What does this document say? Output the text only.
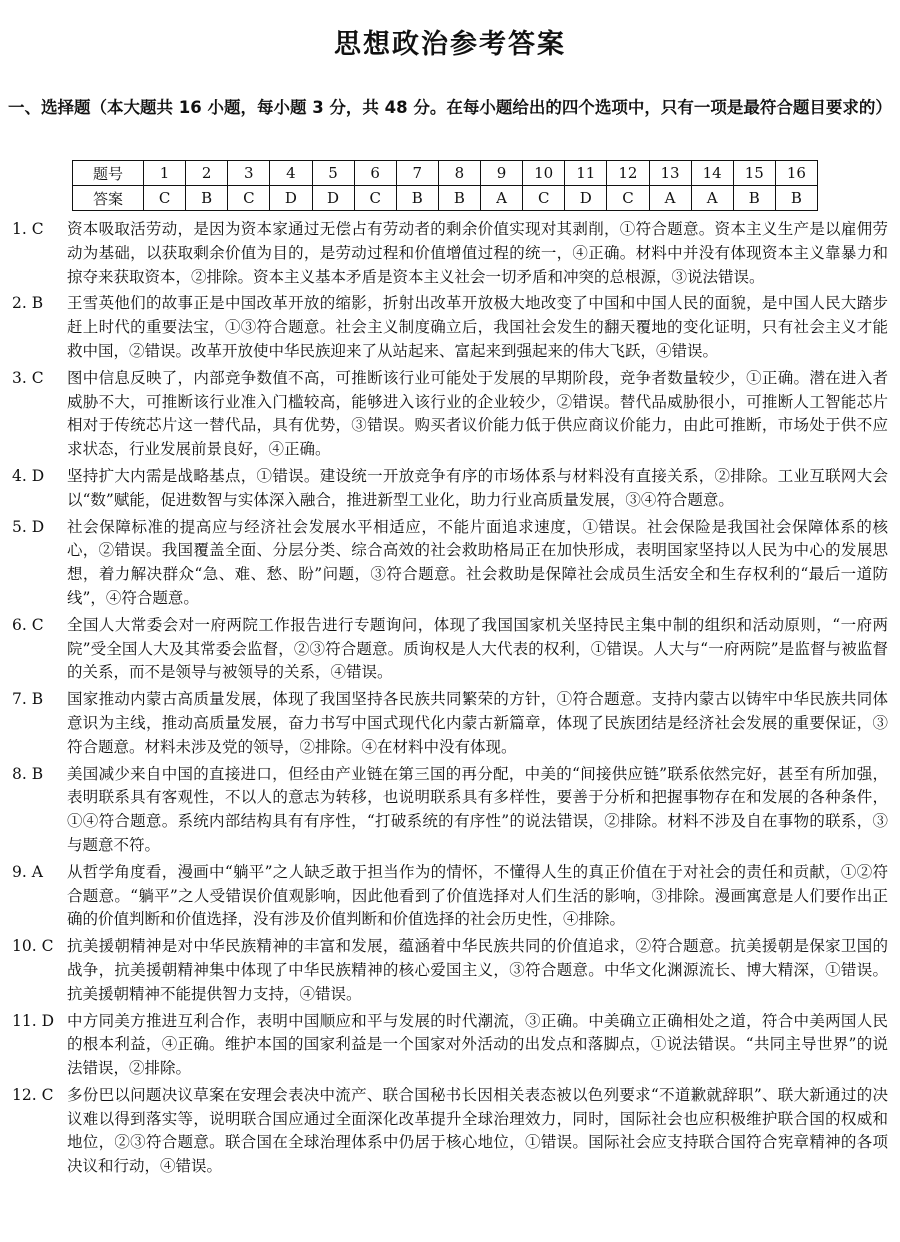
思想政治参考答案

一、选择题（本大题共 16 小题，每小题 3 分，共 48 分。在每小题给出的四个选项中，只有一项是最符合题目要求的）

题号	1	2	3	4	5	6	7	8	9	10	11	12	13	14	15	16
答案	C	B	C	D	D	C	B	B	A	C	D	C	A	A	B	B
1. C	资本吸取活劳动，是因为资本家通过无偿占有劳动者的剩余价值实现对其剥削，①符合题意。资本主义生产是以雇佣劳动为基础，以获取剩余价值为目的，是劳动过程和价值增值过程的统一，④正确。材料中并没有体现资本主义靠暴力和掠夺来获取资本，②排除。资本主义基本矛盾是资本主义社会一切矛盾和冲突的总根源，③说法错误。
2. B	王雪英他们的故事正是中国改革开放的缩影，折射出改革开放极大地改变了中国和中国人民的面貌，是中国人民大踏步赶上时代的重要法宝，①③符合题意。社会主义制度确立后，我国社会发生的翻天覆地的变化证明，只有社会主义才能救中国，②错误。改革开放使中华民族迎来了从站起来、富起来到强起来的伟大飞跃，④错误。
3. C	图中信息反映了，内部竞争数值不高，可推断该行业可能处于发展的早期阶段，竞争者数量较少，①正确。潜在进入者威胁不大，可推断该行业准入门槛较高，能够进入该行业的企业较少，②错误。替代品威胁很小，可推断人工智能芯片相对于传统芯片这一替代品，具有优势，③错误。购买者议价能力低于供应商议价能力，由此可推断，市场处于供不应求状态，行业发展前景良好，④正确。
4. D	坚持扩大内需是战略基点，①错误。建设统一开放竞争有序的市场体系与材料没有直接关系，②排除。工业互联网大会以“数”赋能，促进数智与实体深入融合，推进新型工业化，助力行业高质量发展，③④符合题意。
5. D	社会保障标准的提高应与经济社会发展水平相适应，不能片面追求速度，①错误。社会保险是我国社会保障体系的核心，②错误。我国覆盖全面、分层分类、综合高效的社会救助格局正在加快形成，表明国家坚持以人民为中心的发展思想，着力解决群众“急、难、愁、盼”问题，③符合题意。社会救助是保障社会成员生活安全和生存权利的“最后一道防线”，④符合题意。
6. C	全国人大常委会对一府两院工作报告进行专题询问，体现了我国国家机关坚持民主集中制的组织和活动原则，“一府两院”受全国人大及其常委会监督，②③符合题意。质询权是人大代表的权利，①错误。人大与“一府两院”是监督与被监督的关系，而不是领导与被领导的关系，④错误。
7. B	国家推动内蒙古高质量发展，体现了我国坚持各民族共同繁荣的方针，①符合题意。支持内蒙古以铸牢中华民族共同体意识为主线，推动高质量发展，奋力书写中国式现代化内蒙古新篇章，体现了民族团结是经济社会发展的重要保证，③符合题意。材料未涉及党的领导，②排除。④在材料中没有体现。
8. B	美国减少来自中国的直接进口，但经由产业链在第三国的再分配，中美的“间接供应链”联系依然完好，甚至有所加强，表明联系具有客观性，不以人的意志为转移，也说明联系具有多样性，要善于分析和把握事物存在和发展的各种条件，①④符合题意。系统内部结构具有有序性，“打破系统的有序性”的说法错误，②排除。材料不涉及自在事物的联系，③与题意不符。
9. A	从哲学角度看，漫画中“躺平”之人缺乏敢于担当作为的情怀，不懂得人生的真正价值在于对社会的责任和贡献，①②符合题意。“躺平”之人受错误价值观影响，因此他看到了价值选择对人们生活的影响，③排除。漫画寓意是人们要作出正确的价值判断和价值选择，没有涉及价值判断和价值选择的社会历史性，④排除。
10. C 抗美援朝精神是对中华民族精神的丰富和发展，蕴涵着中华民族共同的价值追求，②符合题意。抗美援朝是保家卫国的战争，抗美援朝精神集中体现了中华民族精神的核心爱国主义，③符合题意。中华文化渊源流长、博大精深，①错误。抗美援朝精神不能提供智力支持，④错误。
11. D 中方同美方推进互利合作，表明中国顺应和平与发展的时代潮流，③正确。中美确立正确相处之道，符合中美两国人民的根本利益，④正确。维护本国的国家利益是一个国家对外活动的出发点和落脚点，①说法错误。“共同主导世界”的说法错误，②排除。
12. C 多份巴以问题决议草案在安理会表决中流产、联合国秘书长因相关表态被以色列要求“不道歉就辞职”、联大新通过的决议难以得到落实等，说明联合国应通过全面深化改革提升全球治理效力，同时，国际社会也应积极维护联合国的权威和地位，②③符合题意。联合国在全球治理体系中仍居于核心地位，①错误。国际社会应支持联合国符合宪章精神的各项决议和行动，④错误。
